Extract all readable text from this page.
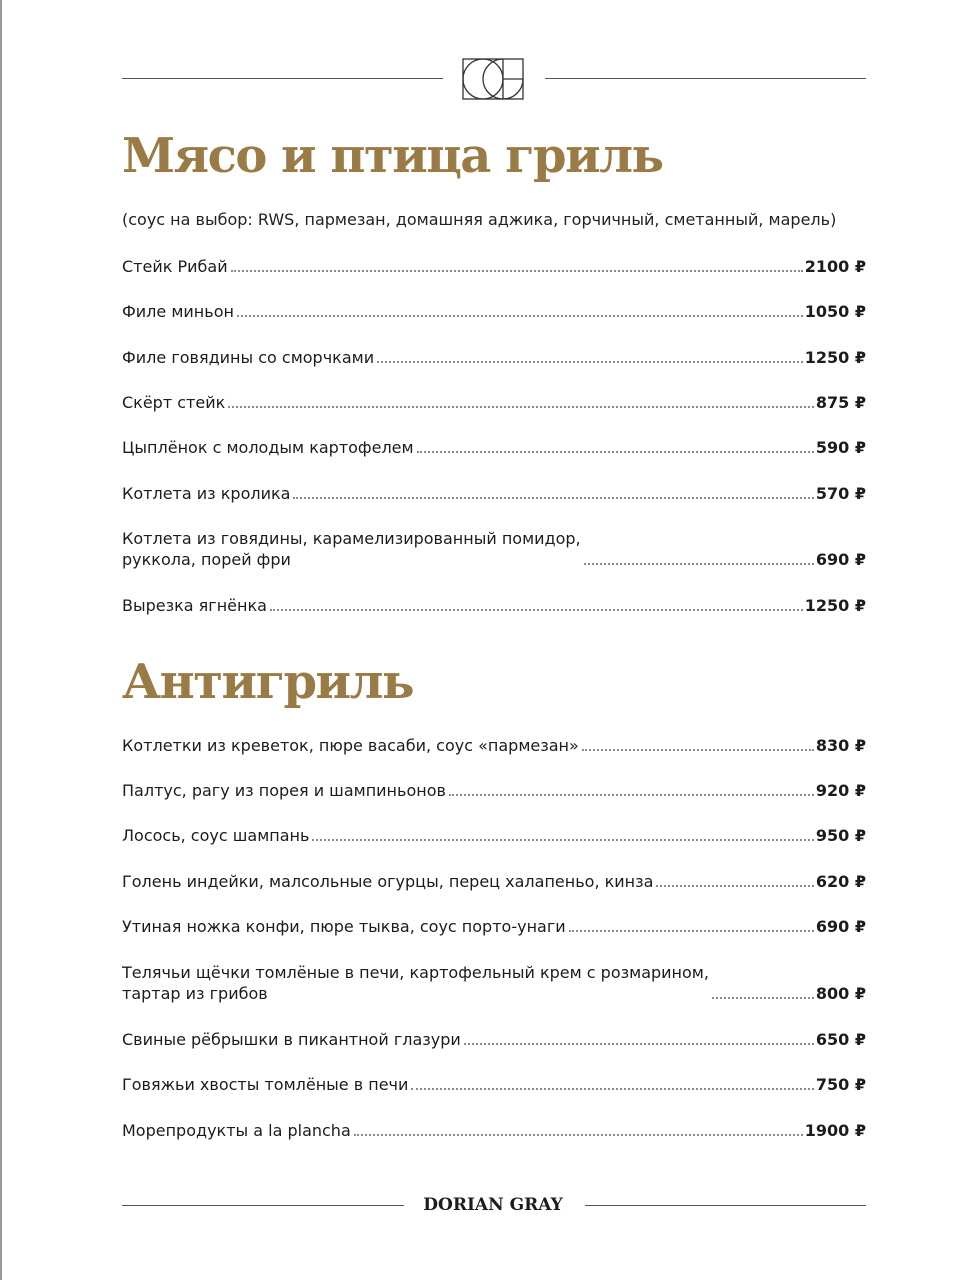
Мясо и птица гриль
(соус на выбор: RWS, пармезан, домашняя аджика, горчичный, сметанный, марель)
Стейк Рибай	2100 ₽
Филе миньон	1050 ₽
Филе говядины со сморчками	1250 ₽
Скёрт стейк	875 ₽
Цыплёнок с молодым картофелем	590 ₽
Котлета из кролика	570 ₽
Котлета из говядины, карамелизированный помидор,
руккола, порей фри	690 ₽
Вырезка ягнёнка	1250 ₽
Антигриль
Котлетки из креветок, пюре васаби, соус «пармезан»	830 ₽
Палтус, рагу из порея и шампиньонов	920 ₽
Лосось, соус шампань	950 ₽
Голень индейки, малсольные огурцы, перец халапеньо, кинза	620 ₽
Утиная ножка конфи, пюре тыква, соус порто-унаги	690 ₽
Телячьи щёчки томлёные в печи, картофельный крем с розмарином,
тартар из грибов	800 ₽
Свиные рёбрышки в пикантной глазури	650 ₽
Говяжьи хвосты томлёные в печи	750 ₽
Морепродукты a la plancha	1900 ₽
DORIAN GRAY
